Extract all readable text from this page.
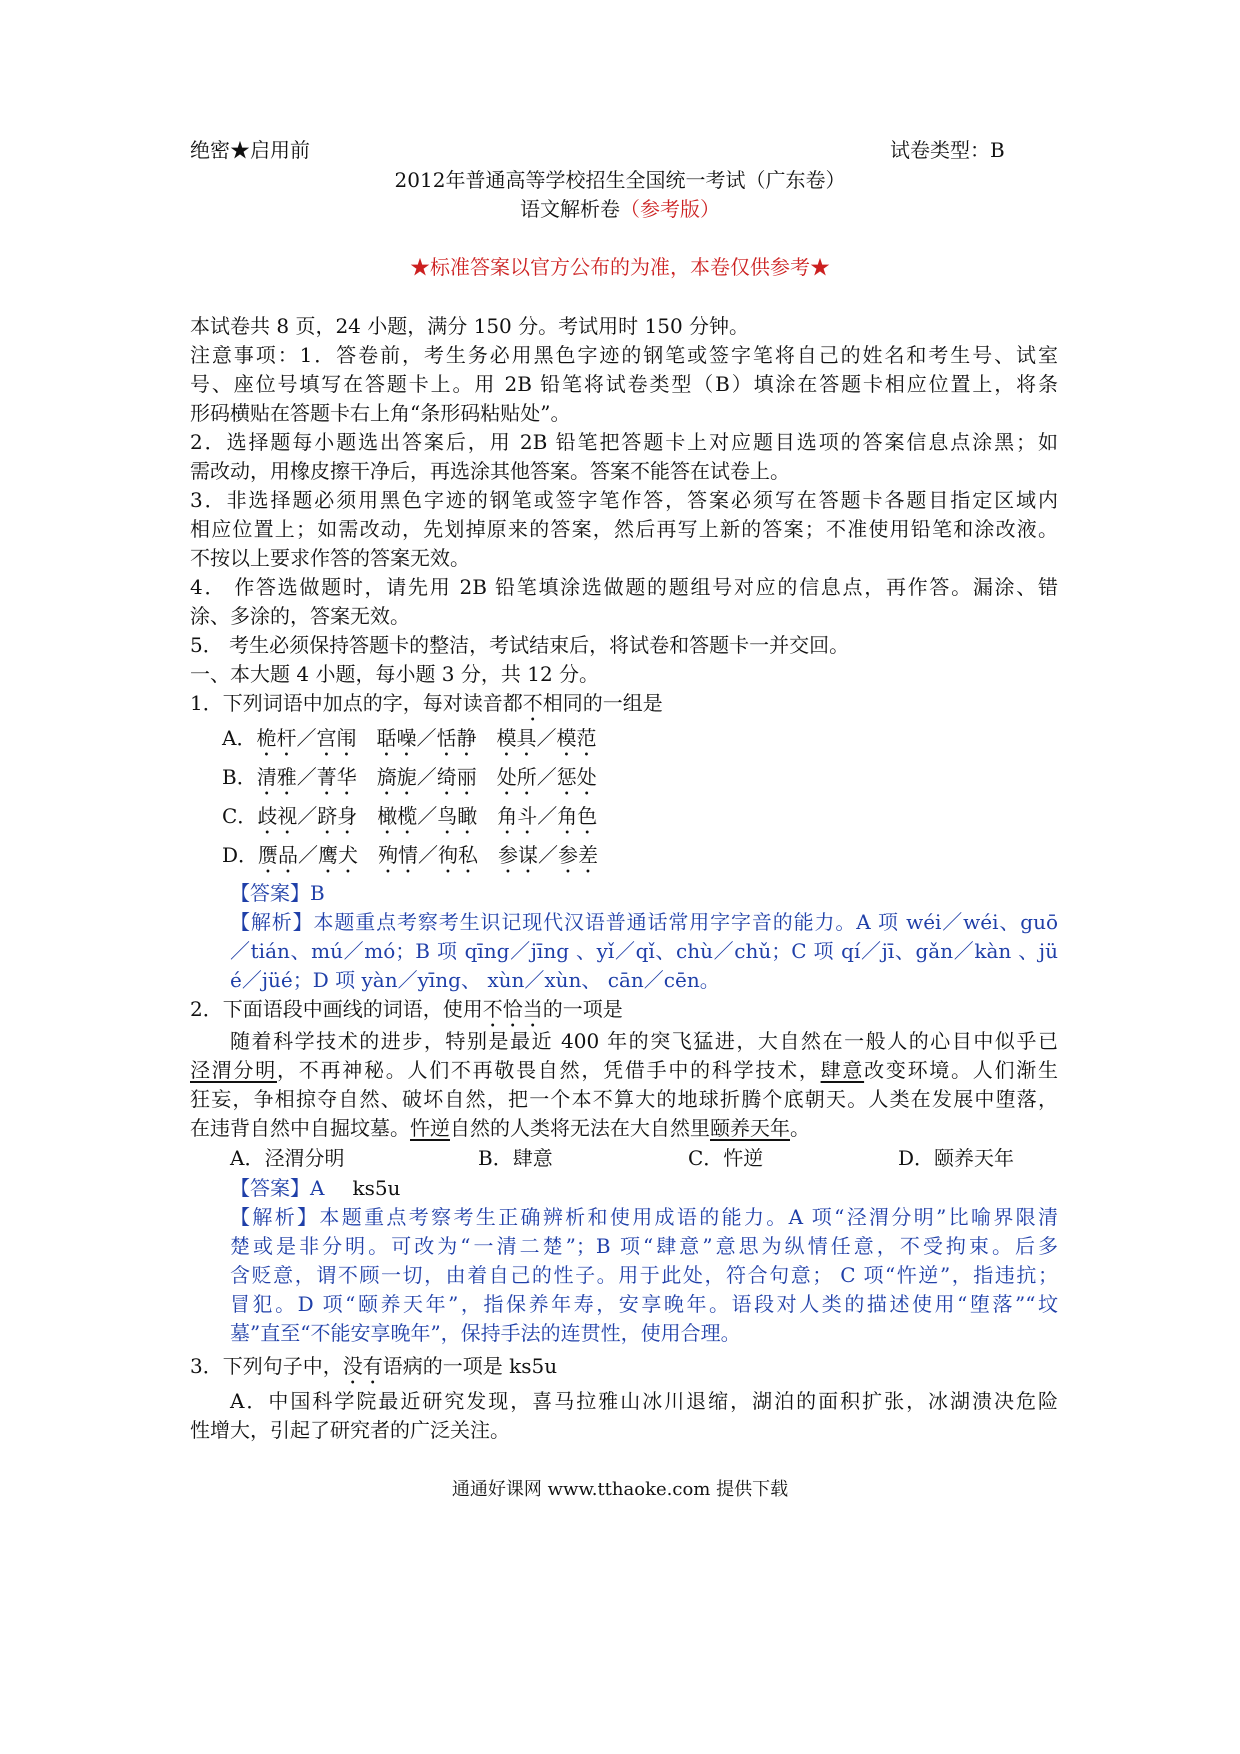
绝密★启用前	试卷类型：B
2012年普通高等学校招生全国统一考试（广东卷）
语文解析卷（参考版）
★标准答案以官方公布的为准，本卷仅供参考★
本试卷共 8 页，24 小题，满分 150 分。考试用时 150 分钟。
注意事项：1．答卷前，考生务必用黑色字迹的钢笔或签字笔将自己的姓名和考生号、试室
号、座位号填写在答题卡上。用 2B 铅笔将试卷类型（B）填涂在答题卡相应位置上，将条
形码横贴在答题卡右上角“条形码粘贴处”。
2．选择题每小题选出答案后，用 2B 铅笔把答题卡上对应题目选项的答案信息点涂黑；如
需改动，用橡皮擦干净后，再选涂其他答案。答案不能答在试卷上。
3．非选择题必须用黑色字迹的钢笔或签字笔作答，答案必须写在答题卡各题目指定区域内
相应位置上；如需改动，先划掉原来的答案，然后再写上新的答案；不准使用铅笔和涂改液。
不按以上要求作答的答案无效。
4． 作答选做题时，请先用 2B 铅笔填涂选做题的题组号对应的信息点，再作答。漏涂、错
涂、多涂的，答案无效。
5． 考生必须保持答题卡的整洁，考试结束后，将试卷和答题卡一并交回。
一、本大题 4 小题，每小题 3 分，共 12 分。
1．下列词语中加点的字，每对读音都不相同的一组是
A．桅杆／宫闱　聒噪／恬静　模具／模范
B．清雅／菁华　旖旎／绮丽　处所／惩处
C．歧视／跻身　橄榄／鸟瞰　角斗／角色
D．赝品／鹰犬　殉情／徇私　参谋／参差
【答案】B
【解析】本题重点考察考生识记现代汉语普通话常用字字音的能力。A 项 wéi／wéi、guō
／tián、mú／mó；B 项 qīng／jīng 、yǐ／qǐ、chù／chǔ；C 项 qí／jī、gǎn／kàn 、jü
é／jüé；D 项 yàn／yīng、 xùn／xùn、 cān／cēn。
2．下面语段中画线的词语，使用不恰当的一项是
随着科学技术的进步，特别是最近 400 年的突飞猛进，大自然在一般人的心目中似乎已
泾渭分明，不再神秘。人们不再敬畏自然，凭借手中的科学技术，肆意改变环境。人们渐生
狂妄，争相掠夺自然、破坏自然，把一个本不算大的地球折腾个底朝天。人类在发展中堕落，
在违背自然中自掘坟墓。忤逆自然的人类将无法在大自然里颐养天年。
A．泾渭分明	B．肆意	C．忤逆	D．颐养天年
【答案】A ks5u
【解析】本题重点考察考生正确辨析和使用成语的能力。A 项“泾渭分明”比喻界限清
楚或是非分明。可改为“一清二楚”；B 项“肆意”意思为纵情任意，不受拘束。后多
含贬意，谓不顾一切，由着自己的性子。用于此处，符合句意； C 项“忤逆”，指违抗；
冒犯。D 项“颐养天年”，指保养年寿，安享晚年。语段对人类的描述使用“堕落”“坟
墓”直至“不能安享晚年”，保持手法的连贯性，使用合理。
3．下列句子中，没有语病的一项是 ks5u
A．中国科学院最近研究发现，喜马拉雅山冰川退缩，湖泊的面积扩张，冰湖溃决危险
性增大，引起了研究者的广泛关注。
通通好课网 www.tthaoke.com 提供下载
